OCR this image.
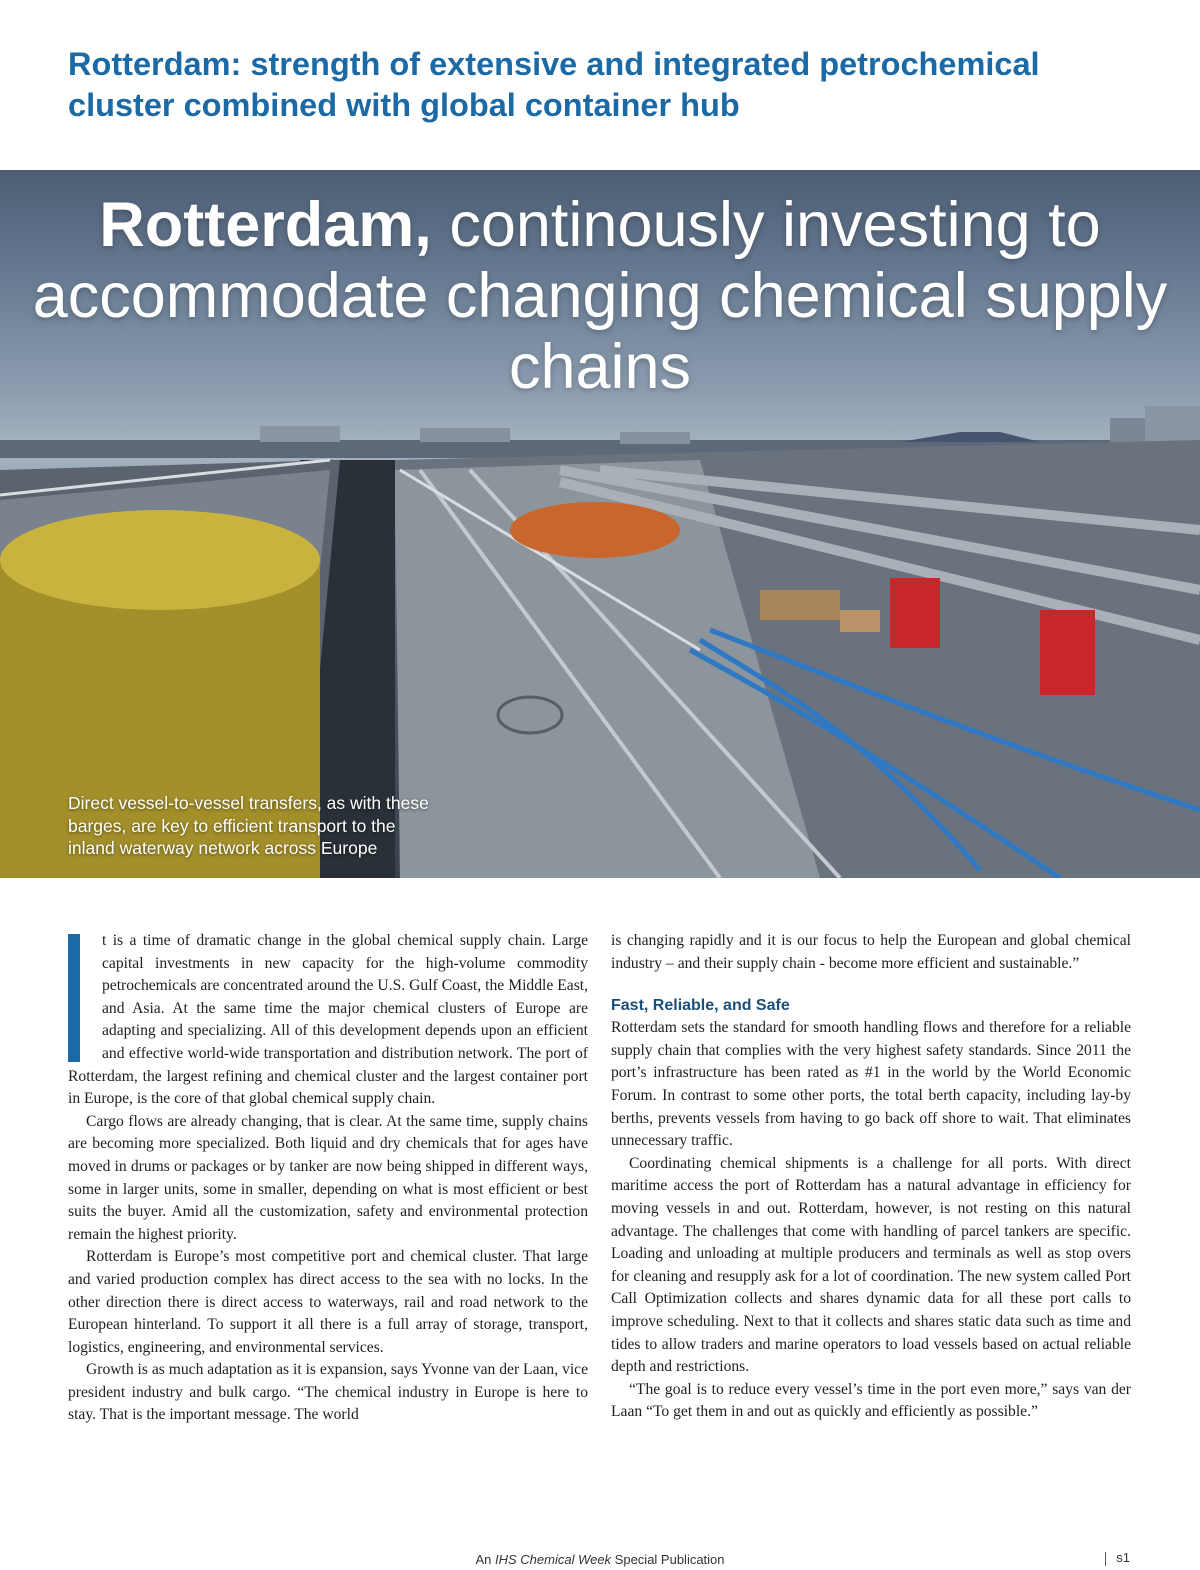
Rotterdam: strength of extensive and integrated petrochemical cluster combined with global container hub
Rotterdam, continously investing to accommodate changing chemical supply chains

Direct vessel-to-vessel transfers, as with these barges, are key to efficient transport to the inland waterway network across Europe

t is a time of dramatic change in the global chemical supply chain. Large capital investments in new capacity for the high-volume commodity petrochemicals are concentrated around the U.S. Gulf Coast, the Middle East, and Asia. At the same time the major chemical clusters of Europe are adapting and specializing. All of this development depends upon an efficient and effective world-wide transportation and distribution network. The port of Rotterdam, the largest refining and chemical cluster and the largest container port in Europe, is the core of that global chemical supply chain.

Cargo flows are already changing, that is clear. At the same time, supply chains are becoming more specialized. Both liquid and dry chemicals that for ages have moved in drums or packages or by tanker are now being shipped in different ways, some in larger units, some in smaller, depending on what is most efficient or best suits the buyer. Amid all the customization, safety and environmental protection remain the highest priority.

Rotterdam is Europe’s most competitive port and chemical cluster. That large and varied production complex has direct access to the sea with no locks. In the other direction there is direct access to waterways, rail and road network to the European hinterland. To support it all there is a full array of storage, transport, logistics, engineering, and environmental services.

Growth is as much adaptation as it is expansion, says Yvonne van der Laan, vice president industry and bulk cargo. “The chemical industry in Europe is here to stay. That is the important message. The world

is changing rapidly and it is our focus to help the European and global chemical industry – and their supply chain - become more efficient and sustainable.”

Fast, Reliable, and Safe

Rotterdam sets the standard for smooth handling flows and therefore for a reliable supply chain that complies with the very highest safety standards. Since 2011 the port’s infrastructure has been rated as #1 in the world by the World Economic Forum. In contrast to some other ports, the total berth capacity, including lay-by berths, prevents vessels from having to go back off shore to wait. That eliminates unnecessary traffic.

Coordinating chemical shipments is a challenge for all ports. With direct maritime access the port of Rotterdam has a natural advantage in efficiency for moving vessels in and out. Rotterdam, however, is not resting on this natural advantage. The challenges that come with handling of parcel tankers are specific. Loading and unloading at multiple producers and terminals as well as stop overs for cleaning and resupply ask for a lot of coordination. The new system called Port Call Optimization collects and shares dynamic data for all these port calls to improve scheduling. Next to that it collects and shares static data such as time and tides to allow traders and marine operators to load vessels based on actual reliable depth and restrictions.

“The goal is to reduce every vessel’s time in the port even more,” says van der Laan “To get them in and out as quickly and efficiently as possible.”

An IHS Chemical Week Special Publication	s1
